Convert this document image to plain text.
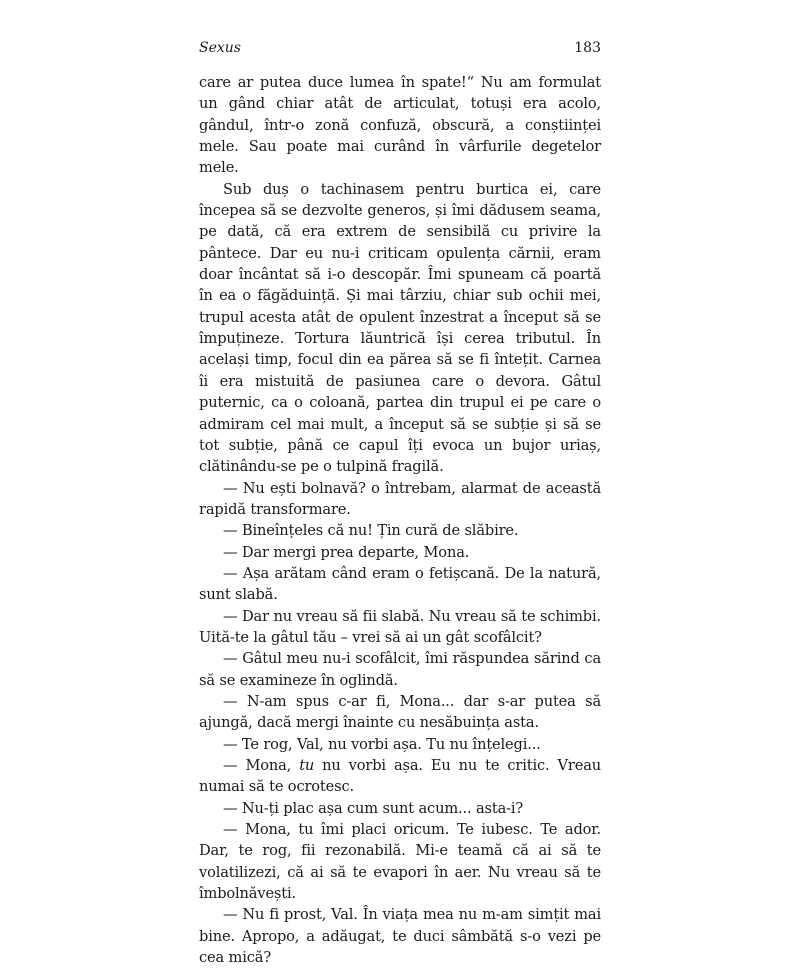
Sexus	183

care ar putea duce lumea în spate!“ Nu am formulat un gând chiar atât de articulat, totuși era acolo, gândul, într-o zonă confuză, obscură, a conștiinței mele. Sau poate mai curând în vârfurile degetelor mele.

Sub duș o tachinasem pentru burtica ei, care începea să se dezvolte generos, și îmi dădusem seama, pe dată, că era extrem de sensibilă cu privire la pântece. Dar eu nu-i criticam opulența cărnii, eram doar încântat să i-o descopăr. Îmi spuneam că poartă în ea o făgăduință. Și mai târziu, chiar sub ochii mei, trupul acesta atât de opulent înzestrat a început să se împuțineze. Tortura lăuntrică își cerea tributul. În același timp, focul din ea părea să se fi întețit. Carnea îi era mistuită de pasiunea care o devora. Gâtul puternic, ca o coloană, partea din trupul ei pe care o admiram cel mai mult, a început să se subție și să se tot subție, până ce capul îți evoca un bujor uriaș, clătinându-se pe o tulpină fragilă.

— Nu ești bolnavă? o întrebam, alarmat de această rapidă transformare.

— Bineînțeles că nu! Țin cură de slăbire.

— Dar mergi prea departe, Mona.

— Așa arătam când eram o fetișcană. De la natură, sunt slabă.

— Dar nu vreau să fii slabă. Nu vreau să te schimbi. Uită-te la gâtul tău – vrei să ai un gât scofâlcit?

— Gâtul meu nu-i scofâlcit, îmi răspundea sărind ca să se examineze în oglindă.

— N-am spus c-ar fi, Mona... dar s-ar putea să ajungă, dacă mergi înainte cu nesăbuința asta.

— Te rog, Val, nu vorbi așa. Tu nu înțelegi...

— Mona, tu nu vorbi așa. Eu nu te critic. Vreau numai să te ocrotesc.

— Nu-ți plac așa cum sunt acum... asta-i?

— Mona, tu îmi placi oricum. Te iubesc. Te ador. Dar, te rog, fii rezonabilă. Mi-e teamă că ai să te volatilizezi, că ai să te evapori în aer. Nu vreau să te îmbolnăvești.

— Nu fi prost, Val. În viața mea nu m-am simțit mai bine. Apropo, a adăugat, te duci sâmbătă s-o vezi pe cea mică?
